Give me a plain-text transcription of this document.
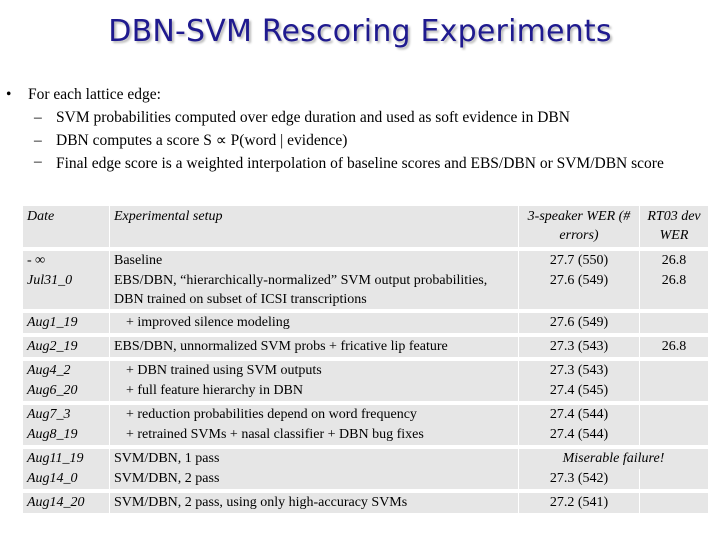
DBN-SVM Rescoring Experiments
• For each lattice edge:
– SVM probabilities computed over edge duration and used as soft evidence in DBN
– DBN computes a score S ∝ P(word | evidence)
– Final edge score is a weighted interpolation of baseline scores and EBS/DBN or SVM/DBN score
Date	Experimental setup	3-speaker WER (# errors)	RT03 dev WER
- ∞	Baseline	27.7 (550)	26.8
Jul31_0	EBS/DBN, “hierarchically-normalized” SVM output probabilities, DBN trained on subset of ICSI transcriptions	27.6 (549)	26.8
Aug1_19	+ improved silence modeling	27.6 (549)	
Aug2_19	EBS/DBN, unnormalized SVM probs + fricative lip feature	27.3 (543)	26.8
Aug4_2	+ DBN trained using SVM outputs	27.3 (543)	
Aug6_20	+ full feature hierarchy in DBN	27.4 (545)	
Aug7_3	+ reduction probabilities depend on word frequency	27.4 (544)	
Aug8_19	+ retrained SVMs + nasal classifier + DBN bug fixes	27.4 (544)	
Aug11_19	SVM/DBN, 1 pass	Miserable failure!	
Aug14_0	SVM/DBN, 2 pass	27.3 (542)	
Aug14_20	SVM/DBN, 2 pass, using only high-accuracy SVMs	27.2 (541)	
